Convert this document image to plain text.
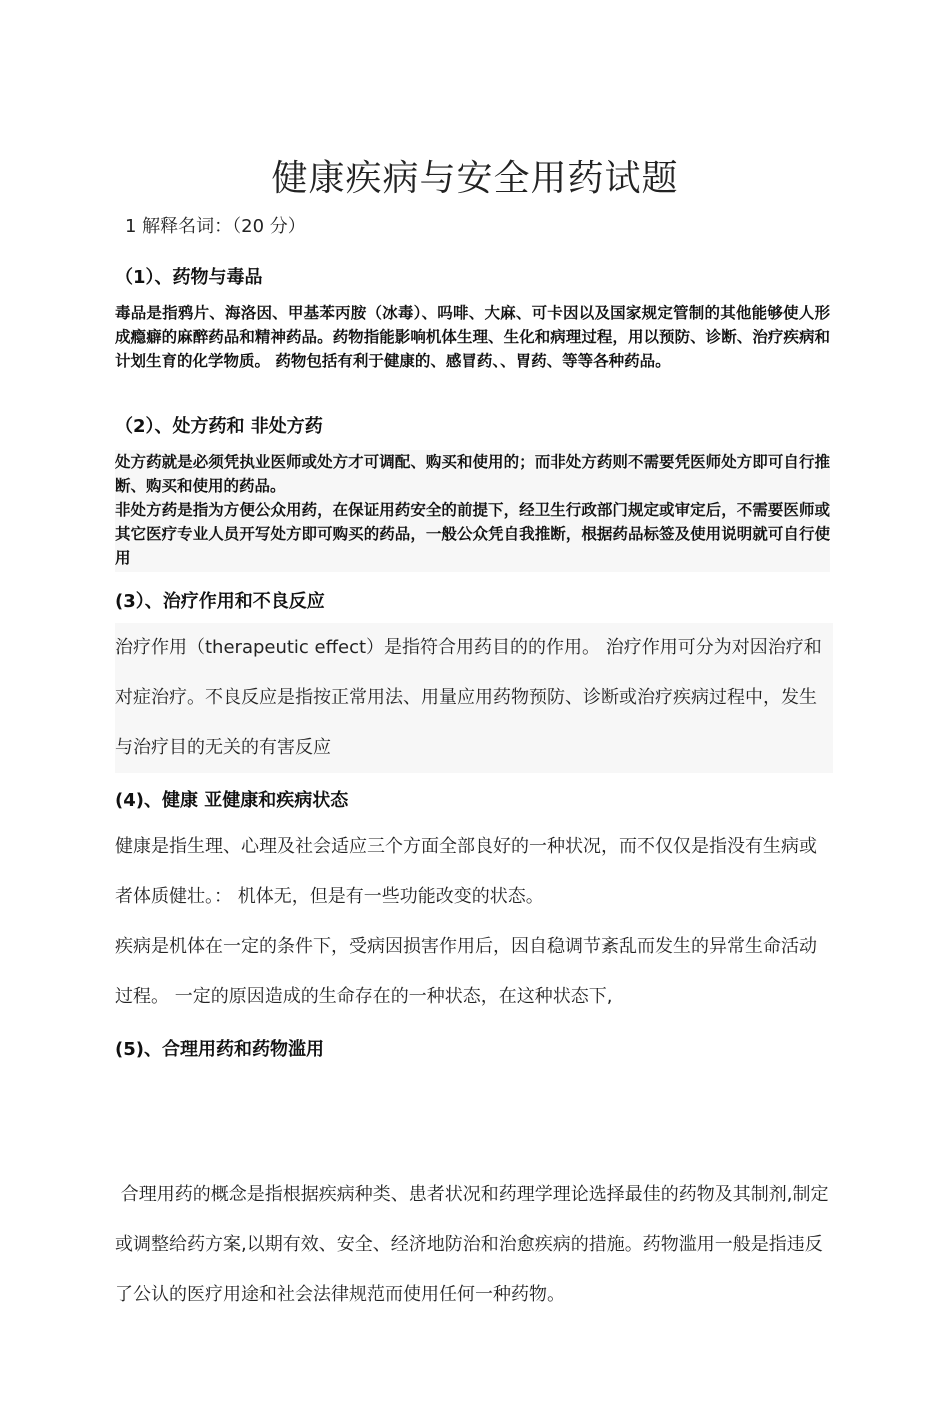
健康疾病与安全用药试题
1 解释名词：（20 分）
（1）、药物与毒品

毒品是指鸦片、海洛因、甲基苯丙胺（冰毒）、吗啡、大麻、可卡因以及国家规定管制的其他能够使人形成瘾癖的麻醉药品和精神药品。药物指能影响机体生理、生化和病理过程，用以预防、诊断、治疗疾病和计划生育的化学物质。 药物包括有利于健康的、感冒药、、胃药、等等各种药品。

（2）、处方药和 非处方药

处方药就是必须凭执业医师或处方才可调配、购买和使用的；而非处方药则不需要凭医师处方即可自行推断、购买和使用的药品。

非处方药是指为方便公众用药，在保证用药安全的前提下，经卫生行政部门规定或审定后，不需要医师或其它医疗专业人员开写处方即可购买的药品，一般公众凭自我推断，根据药品标签及使用说明就可自行使用

(3）、治疗作用和不良反应

治疗作用（therapeutic effect）是指符合用药目的的作用。 治疗作用可分为对因治疗和对症治疗。不良反应是指按正常用法、用量应用药物预防、诊断或治疗疾病过程中，发生与治疗目的无关的有害反应

(4)、健康 亚健康和疾病状态

健康是指生理、心理及社会适应三个方面全部良好的一种状况，而不仅仅是指没有生病或者体质健壮。： 机体无，但是有一些功能改变的状态。

疾病是机体在一定的条件下，受病因损害作用后，因自稳调节紊乱而发生的异常生命活动过程。 一定的原因造成的生命存在的一种状态，在这种状态下,

(5)、合理用药和药物滥用

合理用药的概念是指根据疾病种类、患者状况和药理学理论选择最佳的药物及其制剂,制定或调整给药方案,以期有效、安全、经济地防治和治愈疾病的措施。药物滥用一般是指违反了公认的医疗用途和社会法律规范而使用任何一种药物。
